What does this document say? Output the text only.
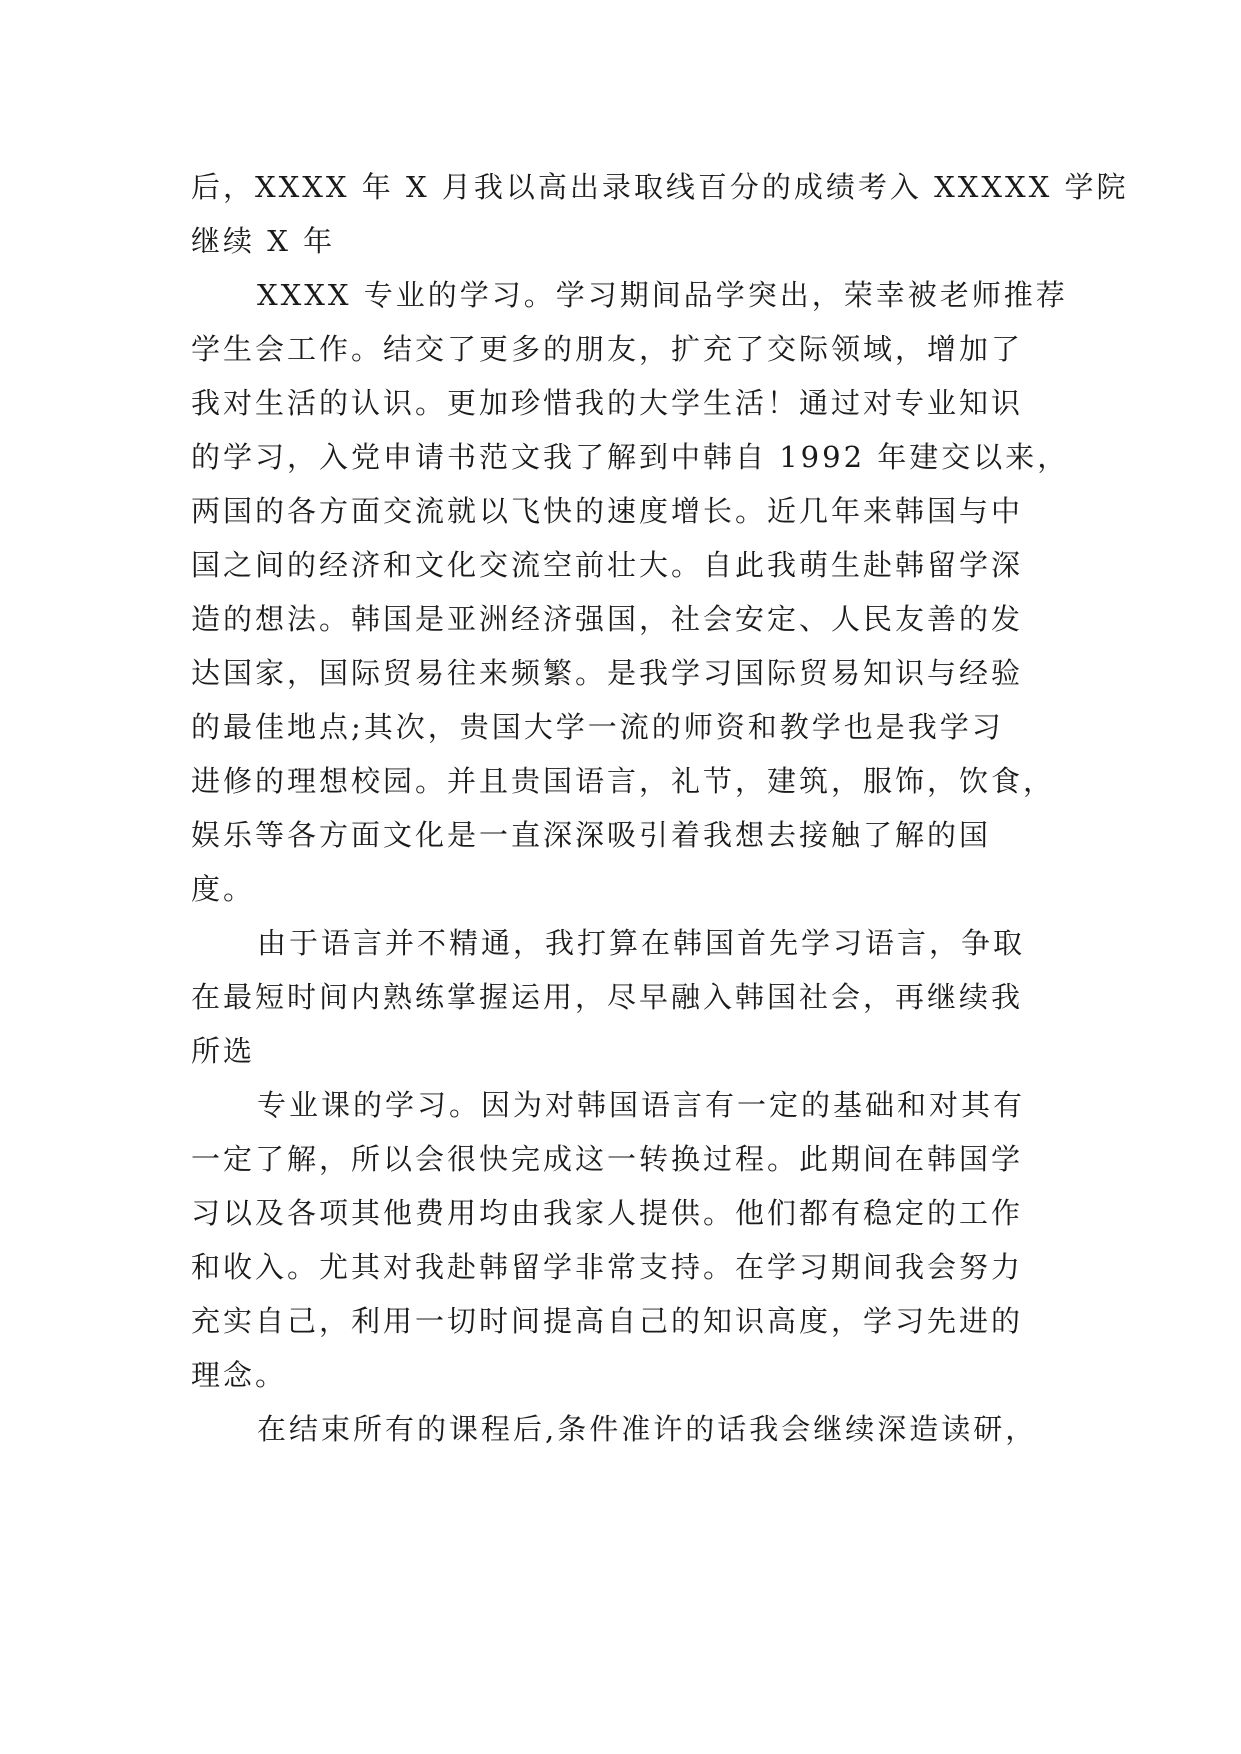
后，XXXX 年 X 月我以高出录取线百分的成绩考入 XXXXX 学院
继续 X 年
XXXX 专业的学习。学习期间品学突出，荣幸被老师推荐
学生会工作。结交了更多的朋友，扩充了交际领域，增加了
我对生活的认识。更加珍惜我的大学生活！通过对专业知识
的学习，入党申请书范文我了解到中韩自 1992 年建交以来，
两国的各方面交流就以飞快的速度增长。近几年来韩国与中
国之间的经济和文化交流空前壮大。自此我萌生赴韩留学深
造的想法。韩国是亚洲经济强国，社会安定、人民友善的发
达国家，国际贸易往来频繁。是我学习国际贸易知识与经验
的最佳地点;其次，贵国大学一流的师资和教学也是我学习
进修的理想校园。并且贵国语言，礼节，建筑，服饰，饮食，
娱乐等各方面文化是一直深深吸引着我想去接触了解的国
度。
由于语言并不精通，我打算在韩国首先学习语言，争取
在最短时间内熟练掌握运用，尽早融入韩国社会，再继续我
所选
专业课的学习。因为对韩国语言有一定的基础和对其有
一定了解，所以会很快完成这一转换过程。此期间在韩国学
习以及各项其他费用均由我家人提供。他们都有稳定的工作
和收入。尤其对我赴韩留学非常支持。在学习期间我会努力
充实自己，利用一切时间提高自己的知识高度，学习先进的
理念。
在结束所有的课程后,条件准许的话我会继续深造读研，
